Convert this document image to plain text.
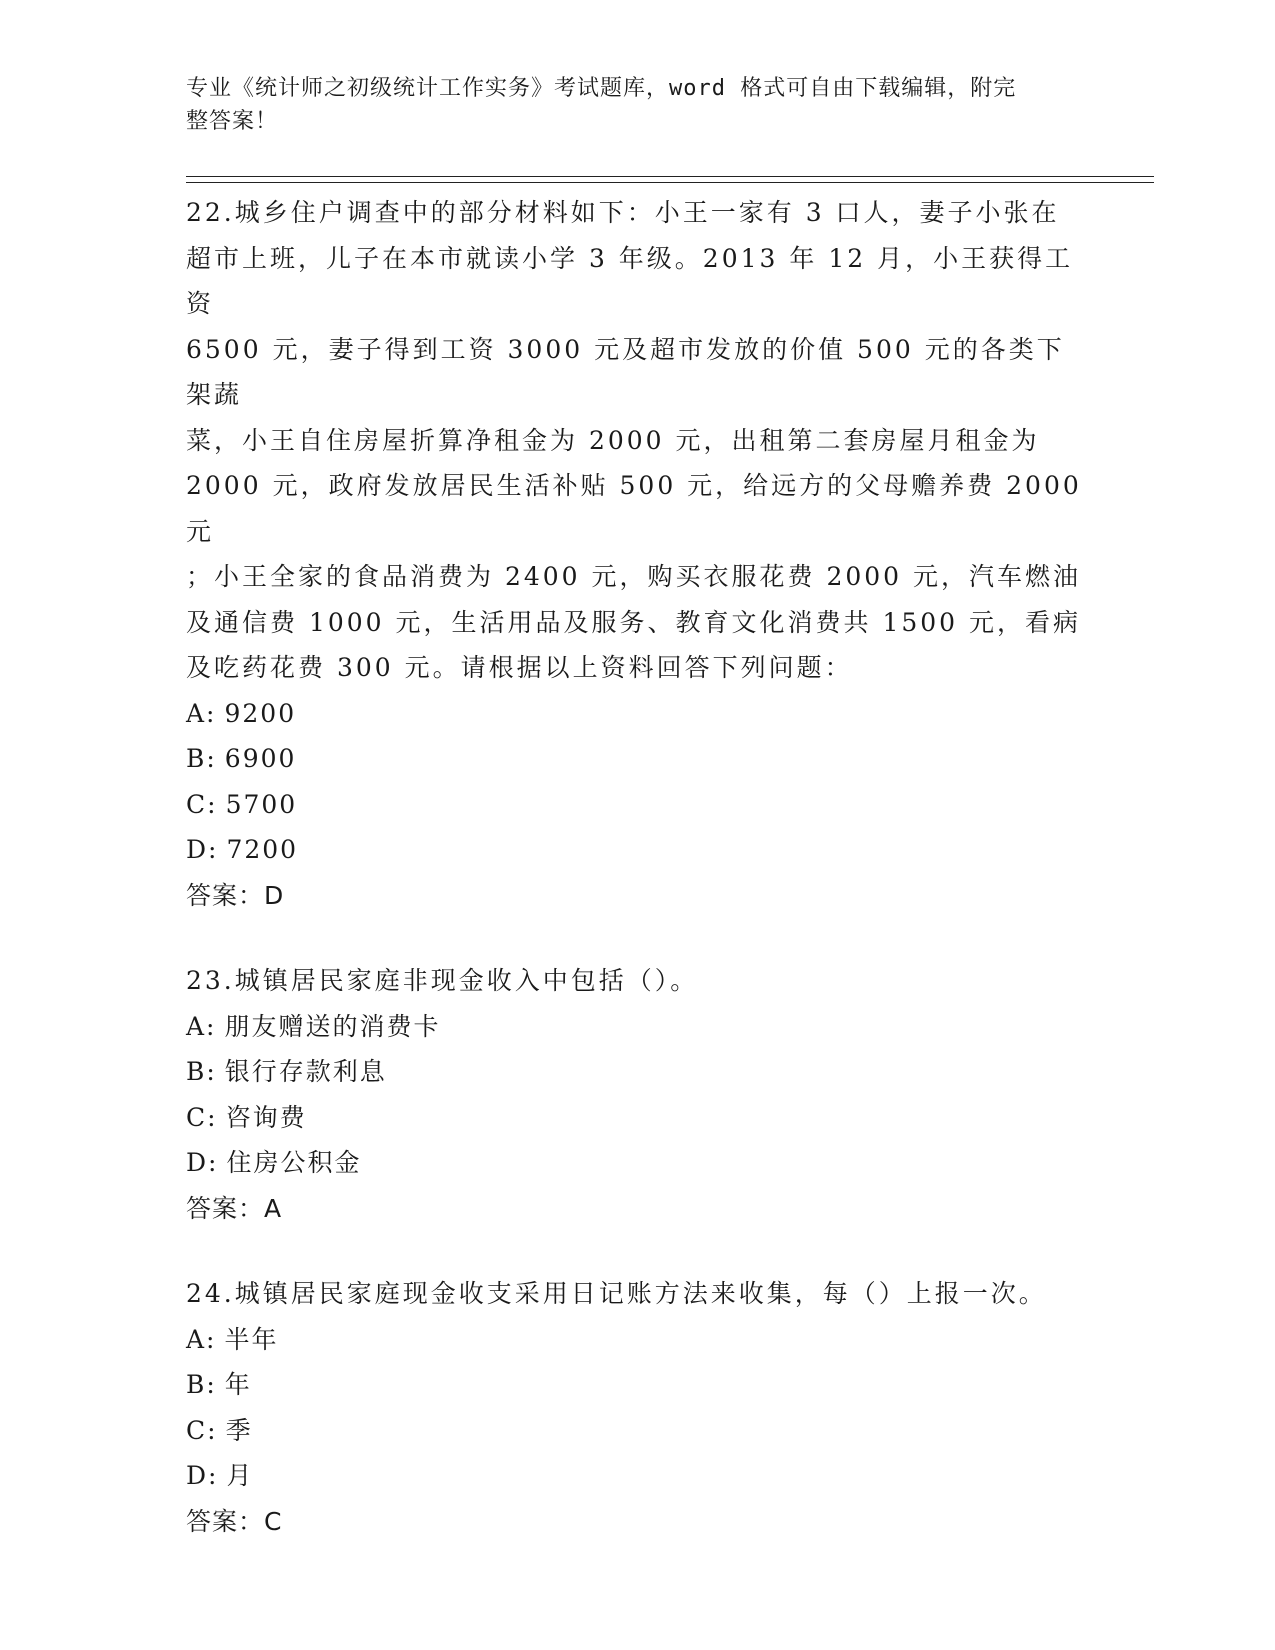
专业《统计师之初级统计工作实务》考试题库，word 格式可自由下载编辑，附完
整答案！

22.城乡住户调查中的部分材料如下：小王一家有 3 口人，妻子小张在

超市上班，儿子在本市就读小学 3 年级。2013 年 12 月，小王获得工资

6500 元，妻子得到工资 3000 元及超市发放的价值 500 元的各类下架蔬

菜，小王自住房屋折算净租金为 2000 元，出租第二套房屋月租金为

2000 元，政府发放居民生活补贴 500 元，给远方的父母赡养费 2000 元

；小王全家的食品消费为 2400 元，购买衣服花费 2000 元，汽车燃油

及通信费 1000 元，生活用品及服务、教育文化消费共 1500 元，看病

及吃药花费 300 元。请根据以上资料回答下列问题：

A: 9200

B: 6900

C: 5700

D: 7200

答案：D

23.城镇居民家庭非现金收入中包括（）。

A: 朋友赠送的消费卡

B: 银行存款利息

C: 咨询费

D: 住房公积金

答案：A

24.城镇居民家庭现金收支采用日记账方法来收集，每（）上报一次。

A: 半年

B: 年

C: 季

D: 月

答案：C
